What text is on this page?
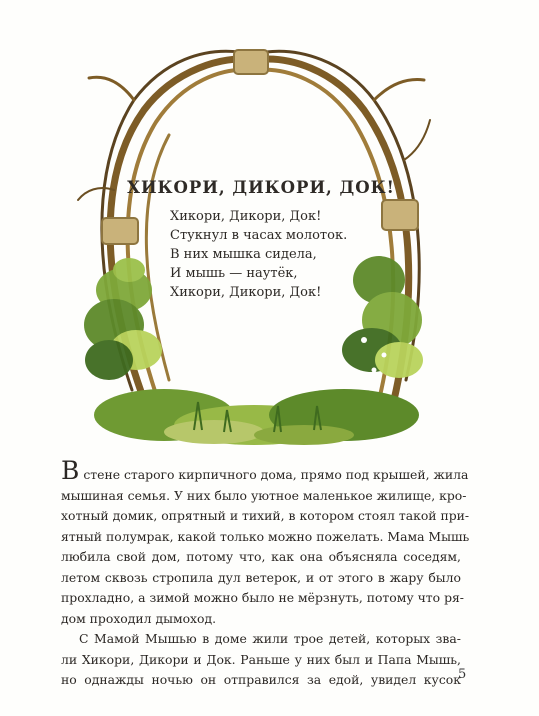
ХИКОРИ, ДИКОРИ, ДОК!
Хикори, Дикори, Док!
Стукнул в часах молоток.
В них мышка сидела,
И мышь — наутёк,
Хикори, Дикори, Док!
В стене старого кирпичного дома, прямо под крышей, жила
мышиная семья. У них было уютное маленькое жилище, кро-
хотный домик, опрятный и тихий, в котором стоял такой при-
ятный полумрак, какой только можно пожелать. Мама Мышь
любила свой дом, потому что, как она объясняла соседям,
летом сквозь стропила дул ветерок, и от этого в жару было
прохладно, а зимой можно было не мёрзнуть, потому что ря-
дом проходил дымоход.
С Мамой Мышью в доме жили трое детей, которых зва-
ли Хикори, Дикори и Док. Раньше у них был и Папа Мышь,
но однажды ночью он отправился за едой, увидел кусок
5
